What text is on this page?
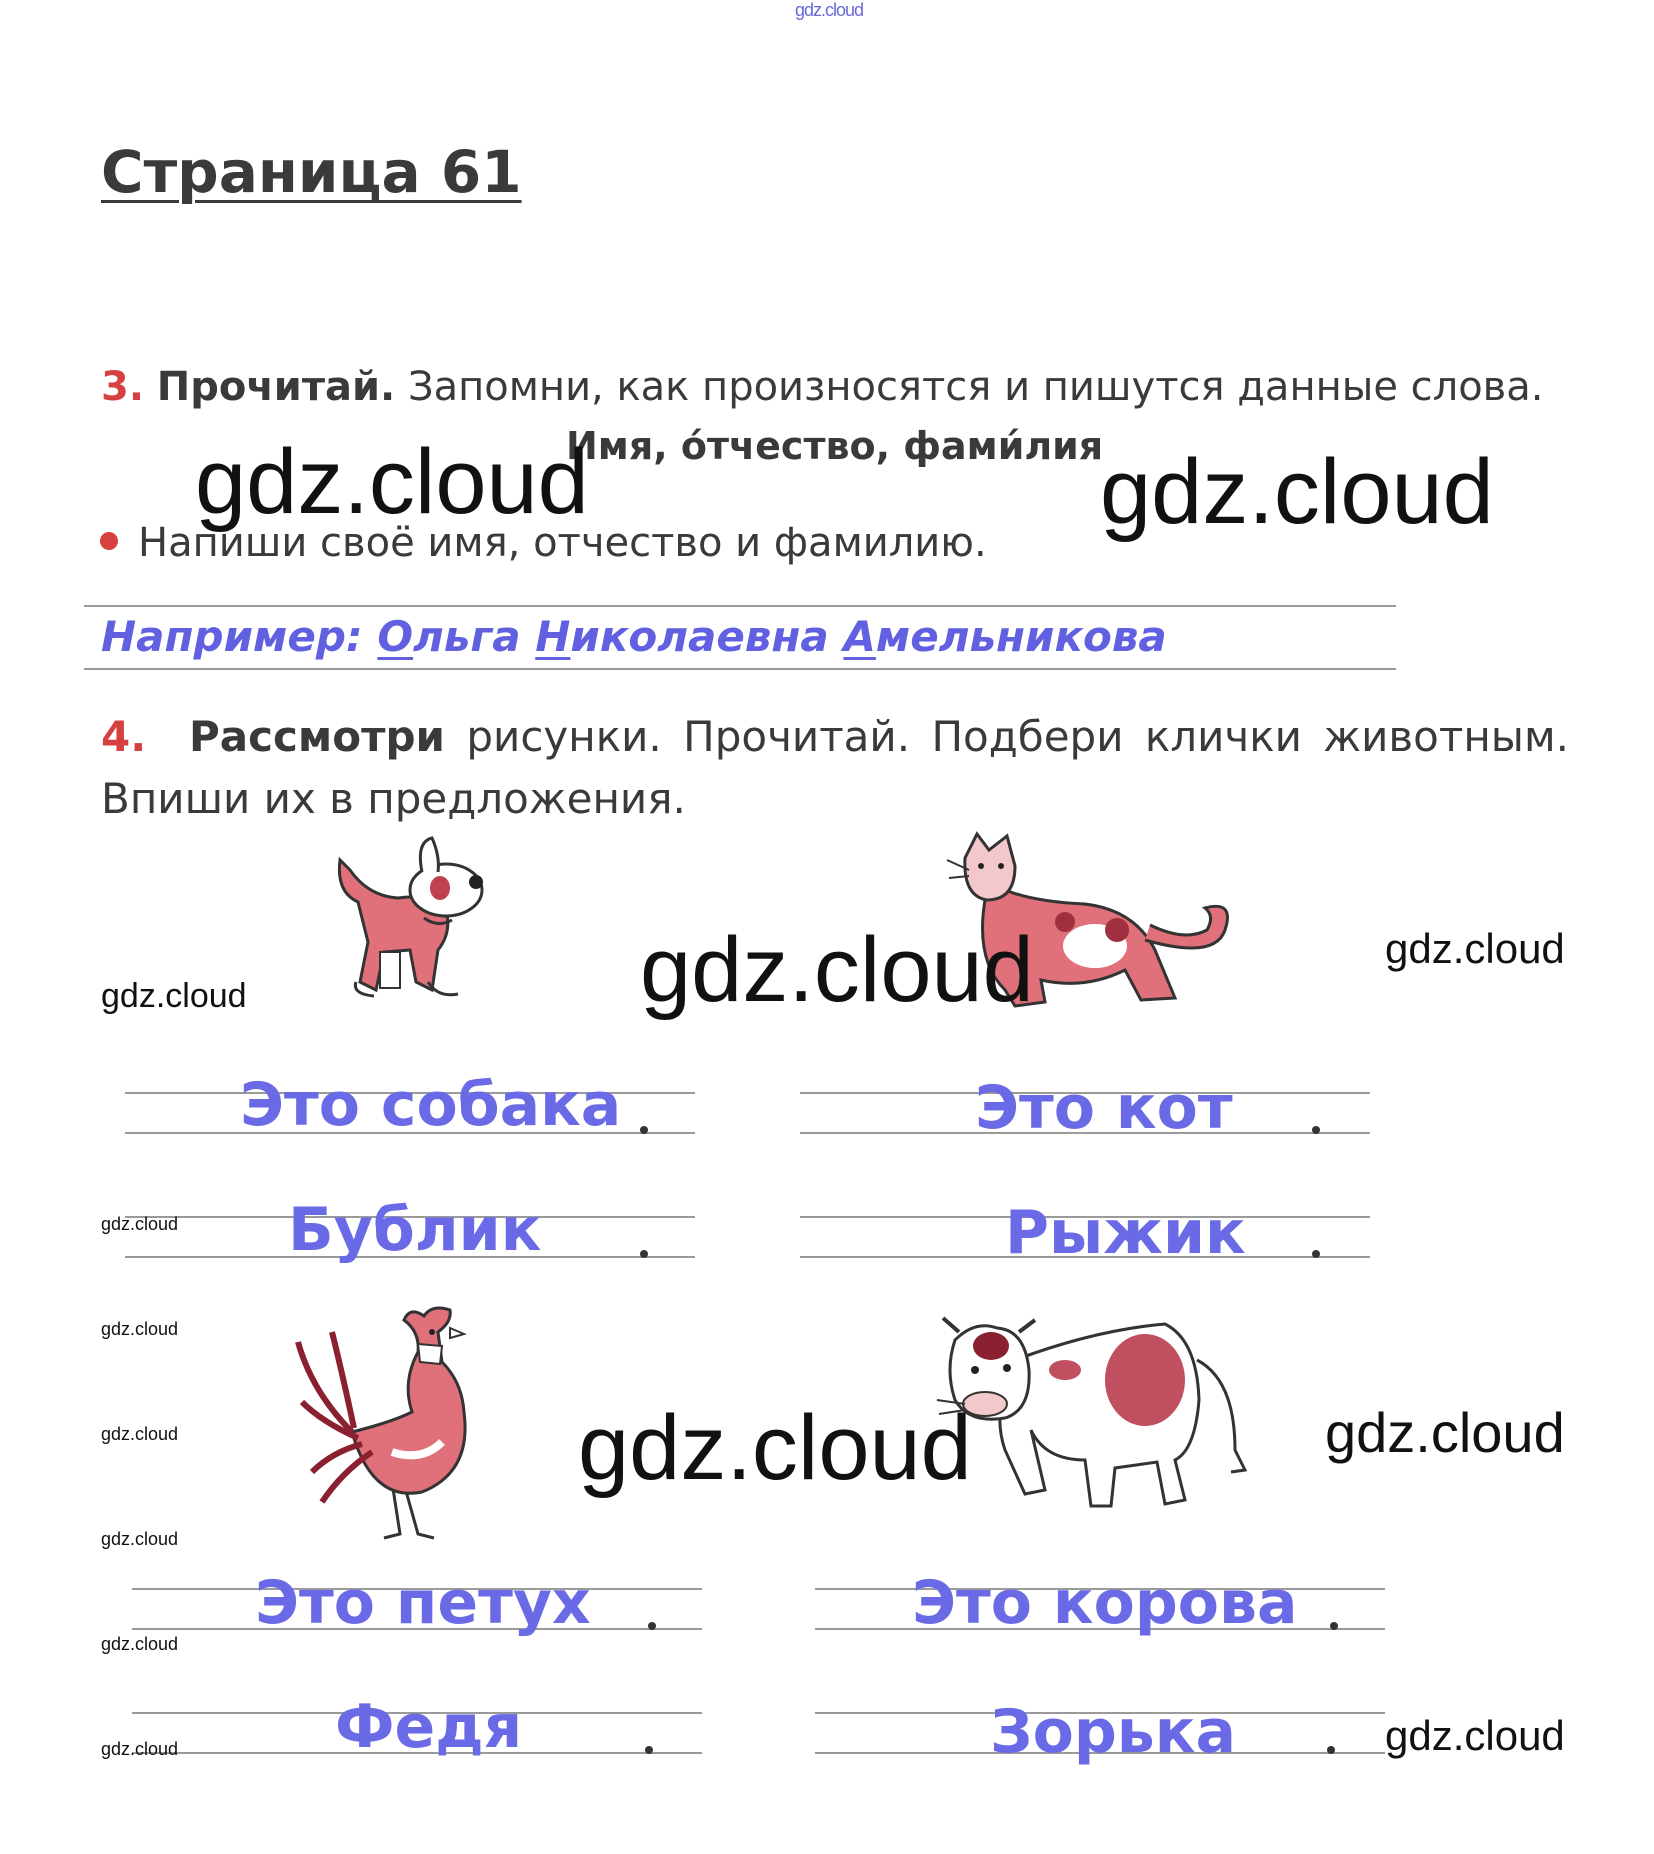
gdz.cloud
Страница 61
3. Прочитай. Запомни, как произносятся и пишутся данные слова.
Имя, о́тчество, фами́лия
Напиши своё имя, отчество и фамилию.
Например: Ольга Николаевна Амельникова
4. Рассмотри рисунки. Прочитай. Подбери клички животным. Впиши их в предложения.
Это собака	Это кот
Бублик	Рыжик
Это петух	Это корова
Федя	Зорька
gdz.cloud	gdz.cloud
gdz.cloud
gdz.cloud
gdz.cloud
gdz.cloud
gdz.cloud
gdz.cloud
gdz.cloud
gdz.cloud
gdz.cloud
gdz.cloud
gdz.cloud
gdz.cloud
